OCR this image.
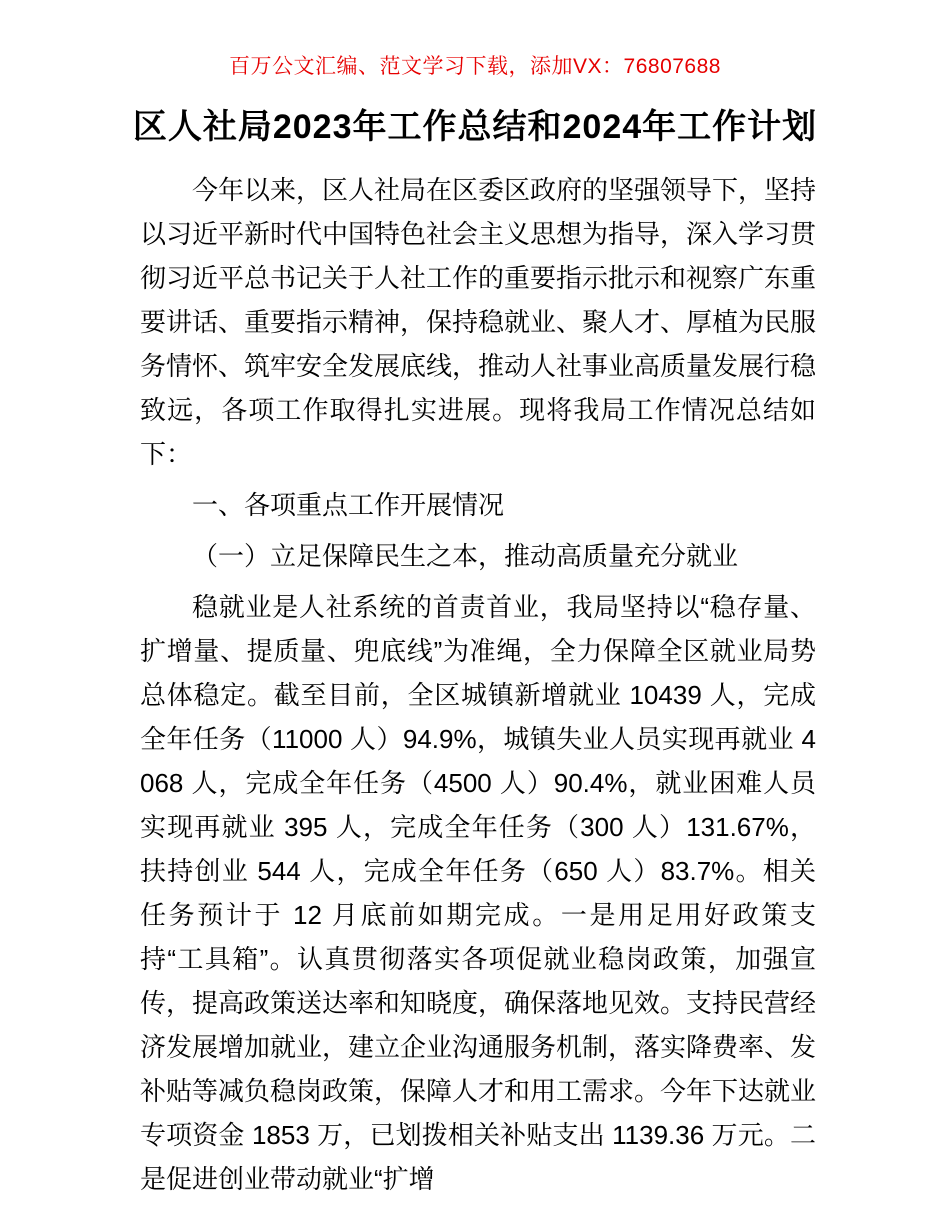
百万公文汇编、范文学习下载，添加VX：76807688
区人社局2023年工作总结和2024年工作计划

今年以来，区人社局在区委区政府的坚强领导下，坚持以习近平新时代中国特色社会主义思想为指导，深入学习贯彻习近平总书记关于人社工作的重要指示批示和视察广东重要讲话、重要指示精神，保持稳就业、聚人才、厚植为民服务情怀、筑牢安全发展底线，推动人社事业高质量发展行稳致远，各项工作取得扎实进展。现将我局工作情况总结如下：

一、各项重点工作开展情况

（一）立足保障民生之本，推动高质量充分就业

稳就业是人社系统的首责首业，我局坚持以“稳存量、扩增量、提质量、兜底线”为准绳，全力保障全区就业局势总体稳定。截至目前，全区城镇新增就业 10439 人，完成全年任务（11000 人）94.9%，城镇失业人员实现再就业 4068 人，完成全年任务（4500 人）90.4%，就业困难人员实现再就业 395 人，完成全年任务（300 人）131.67%，扶持创业 544 人，完成全年任务（650 人）83.7%。相关任务预计于 12 月底前如期完成。一是用足用好政策支持“工具箱”。认真贯彻落实各项促就业稳岗政策，加强宣传，提高政策送达率和知晓度，确保落地见效。支持民营经济发展增加就业，建立企业沟通服务机制，落实降费率、发补贴等减负稳岗政策，保障人才和用工需求。今年下达就业专项资金 1853 万，已划拨相关补贴支出 1139.36 万元。二是促进创业带动就业“扩增
